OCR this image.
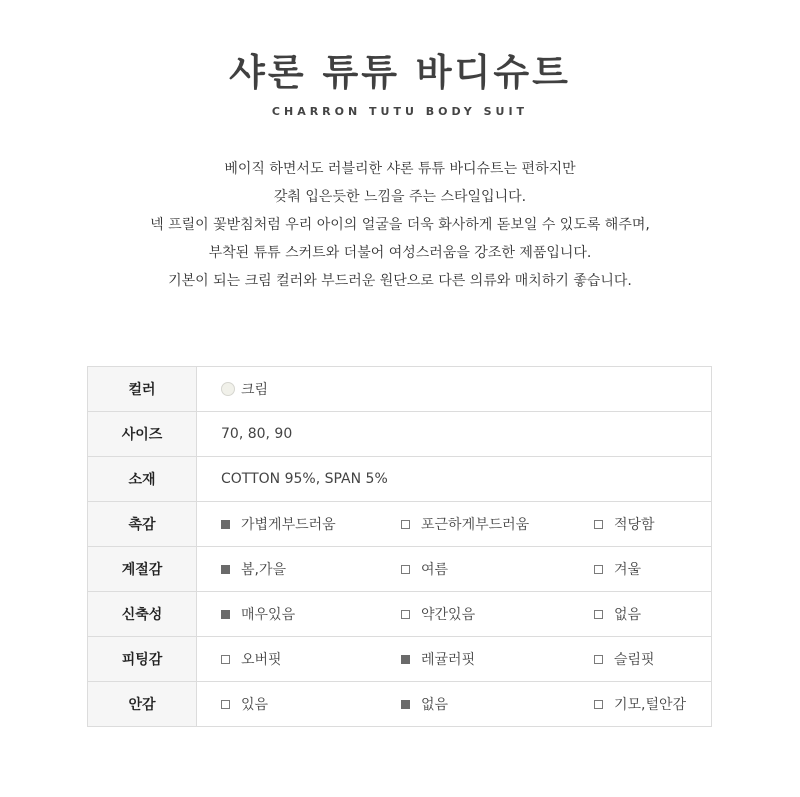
샤론 튜튜 바디슈트
CHARRON TUTU BODY SUIT
베이직 하면서도 러블리한 샤론 튜튜 바디슈트는 편하지만
갖춰 입은듯한 느낌을 주는 스타일입니다.
넥 프릴이 꽃받침처럼 우리 아이의 얼굴을 더욱 화사하게 돋보일 수 있도록 해주며,
부착된 튜튜 스커트와 더불어 여성스러움을 강조한 제품입니다.
기본이 되는 크림 컬러와 부드러운 원단으로 다른 의류와 매치하기 좋습니다.
컬러	크림

사이즈	70, 80, 90
소재	COTTON 95%, SPAN 5%
촉감	가볍게부드러움 포근하게부드러움 적당함

계절감	봄,가을 여름 겨울

신축성	매우있음 약간있음 없음

피팅감	오버핏 레귤러핏 슬림핏

안감	있음 없음 기모,털안감
